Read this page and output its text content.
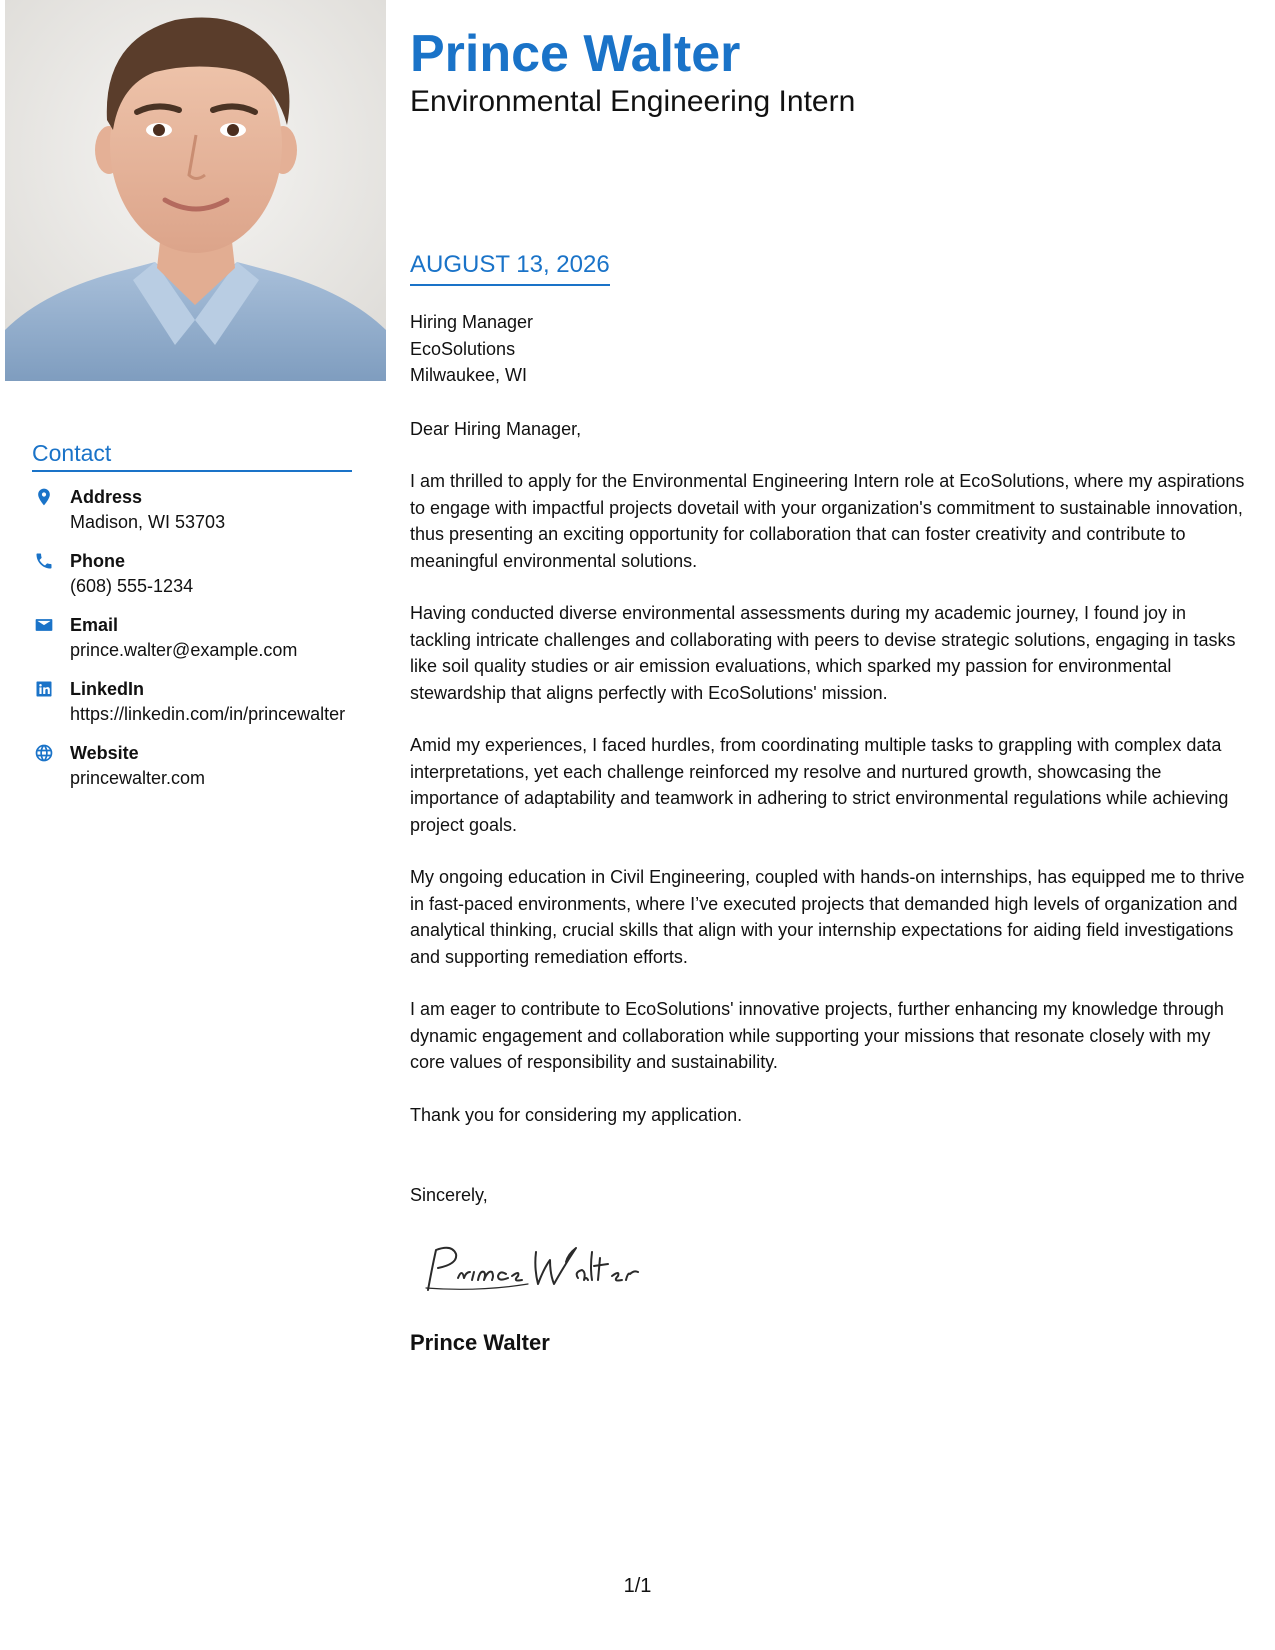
Prince Walter
Environmental Engineering Intern
Contact
Address
Madison, WI 53703
Phone
(608) 555-1234
Email
prince.walter@example.com
LinkedIn
https://linkedin.com/in/princewalter
Website
princewalter.com
AUGUST 13, 2026
Hiring Manager
EcoSolutions
Milwaukee, WI
Dear Hiring Manager,
I am thrilled to apply for the Environmental Engineering Intern role at EcoSolutions, where my aspirations to engage with impactful projects dovetail with your organization's commitment to sustainable innovation, thus presenting an exciting opportunity for collaboration that can foster creativity and contribute to meaningful environmental solutions.
Having conducted diverse environmental assessments during my academic journey, I found joy in tackling intricate challenges and collaborating with peers to devise strategic solutions, engaging in tasks like soil quality studies or air emission evaluations, which sparked my passion for environmental stewardship that aligns perfectly with EcoSolutions' mission.
Amid my experiences, I faced hurdles, from coordinating multiple tasks to grappling with complex data interpretations, yet each challenge reinforced my resolve and nurtured growth, showcasing the importance of adaptability and teamwork in adhering to strict environmental regulations while achieving project goals.
My ongoing education in Civil Engineering, coupled with hands-on internships, has equipped me to thrive in fast-paced environments, where I’ve executed projects that demanded high levels of organization and analytical thinking, crucial skills that align with your internship expectations for aiding field investigations and supporting remediation efforts.
I am eager to contribute to EcoSolutions' innovative projects, further enhancing my knowledge through dynamic engagement and collaboration while supporting your missions that resonate closely with my core values of responsibility and sustainability.
Thank you for considering my application.
Sincerely,
Prince Walter
1/1
